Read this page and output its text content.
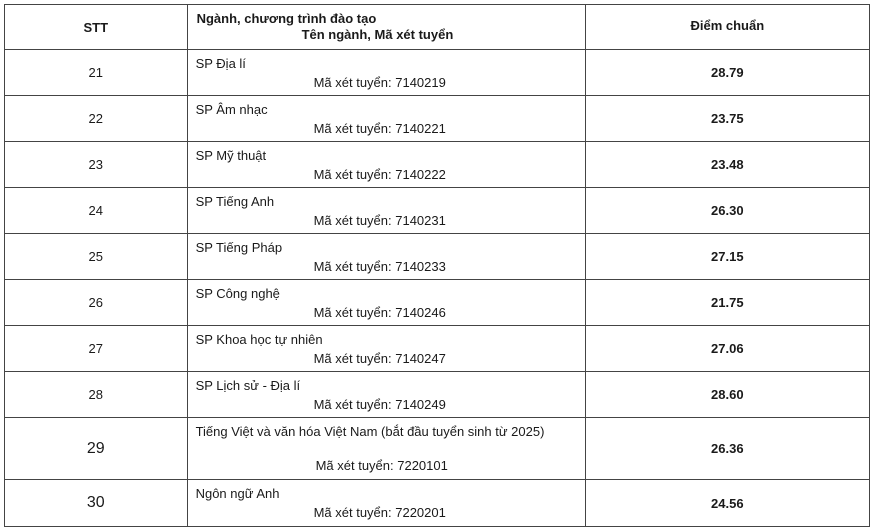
STT
Ngành, chương trình đào tạo
Tên ngành, Mã xét tuyển
Điểm chuẩn
21
SP Địa lí
Mã xét tuyển: 7140219
28.79
22
SP Âm nhạc
Mã xét tuyển: 7140221
23.75
23
SP Mỹ thuật
Mã xét tuyển: 7140222
23.48
24
SP Tiếng Anh
Mã xét tuyển: 7140231
26.30
25
SP Tiếng Pháp
Mã xét tuyển: 7140233
27.15
26
SP Công nghệ
Mã xét tuyển: 7140246
21.75
27
SP Khoa học tự nhiên
Mã xét tuyển: 7140247
27.06
28
SP Lịch sử - Địa lí
Mã xét tuyển: 7140249
28.60
29
Tiếng Việt và văn hóa Việt Nam (bắt đầu tuyển sinh từ 2025)
Mã xét tuyển: 7220101
26.36
30
Ngôn ngữ Anh
Mã xét tuyển: 7220201
24.56
